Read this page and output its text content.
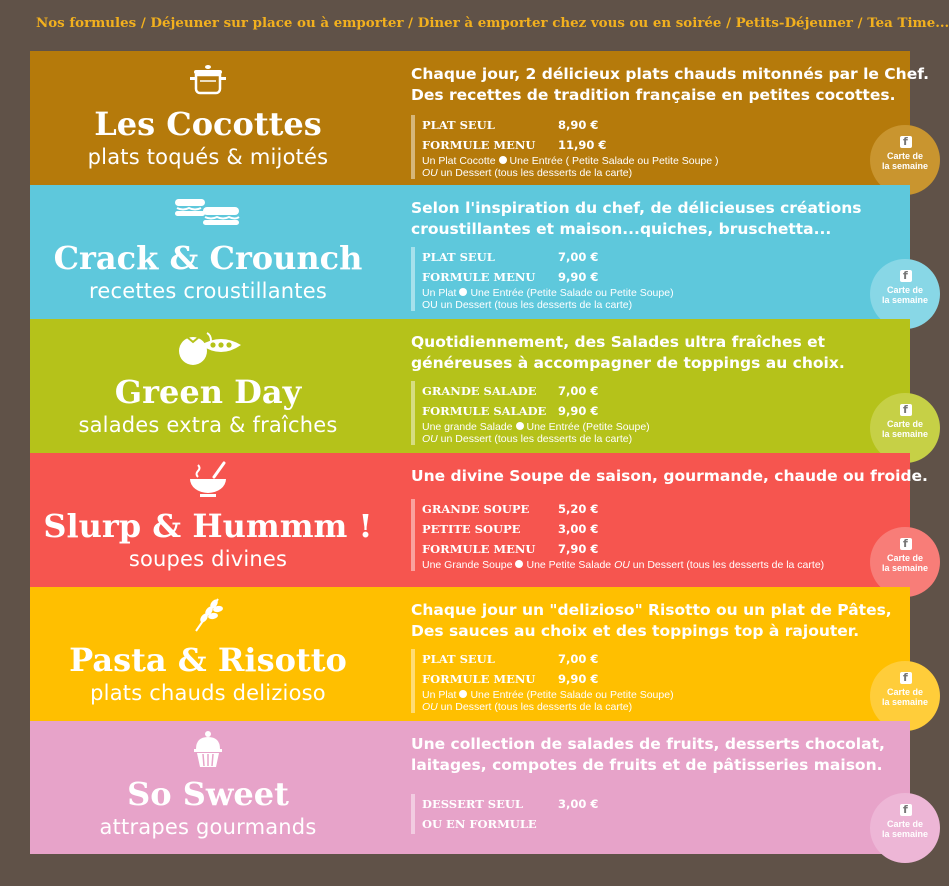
Nos formules / Déjeuner sur place ou à emporter / Diner à emporter chez vous ou en soirée / Petits-Déjeuner / Tea Time...
Les Cocottes
plats toqués & mijotés
Chaque jour, 2 délicieux plats chauds mitonnés par le Chef.
Des recettes de tradition française en petites cocottes.
PLAT SEUL	8,90 €
FORMULE MENU	11,90 €
Un Plat Cocotte Une Entrée ( Petite Salade ou Petite Soupe )
OU un Dessert (tous les desserts de la carte)
f
Carte de
la semaine
Crack & Crounch
recettes croustillantes
Selon l'inspiration du chef, de délicieuses créations
croustillantes et maison...quiches, bruschetta...
PLAT SEUL	7,00 €
FORMULE MENU	9,90 €
Un Plat Une Entrée (Petite Salade ou Petite Soupe)
OU un Dessert (tous les desserts de la carte)
f
Carte de
la semaine
Green Day
salades extra & fraîches
Quotidiennement, des Salades ultra fraîches et
généreuses à accompagner de toppings au choix.
GRANDE SALADE	7,00 €
FORMULE SALADE	9,90 €
Une grande Salade Une Entrée (Petite Soupe)
OU un Dessert (tous les desserts de la carte)
f
Carte de
la semaine
Slurp & Hummm !
soupes divines
Une divine Soupe de saison, gourmande, chaude ou froide.
GRANDE SOUPE	5,20 €
PETITE SOUPE	3,00 €
FORMULE MENU	7,90 €
Une Grande Soupe Une Petite Salade OU un Dessert (tous les desserts de la carte)
f
Carte de
la semaine
Pasta & Risotto
plats chauds delizioso
Chaque jour un "delizioso" Risotto ou un plat de Pâtes,
Des sauces au choix et des toppings top à rajouter.
PLAT SEUL	7,00 €
FORMULE MENU	9,90 €
Un Plat Une Entrée (Petite Salade ou Petite Soupe)
OU un Dessert (tous les desserts de la carte)
f
Carte de
la semaine
So Sweet
attrapes gourmands
Une collection de salades de fruits, desserts chocolat,
laitages, compotes de fruits et de pâtisseries maison.
DESSERT SEUL	3,00 €
OU EN FORMULE
f	Carte de
la semaine
